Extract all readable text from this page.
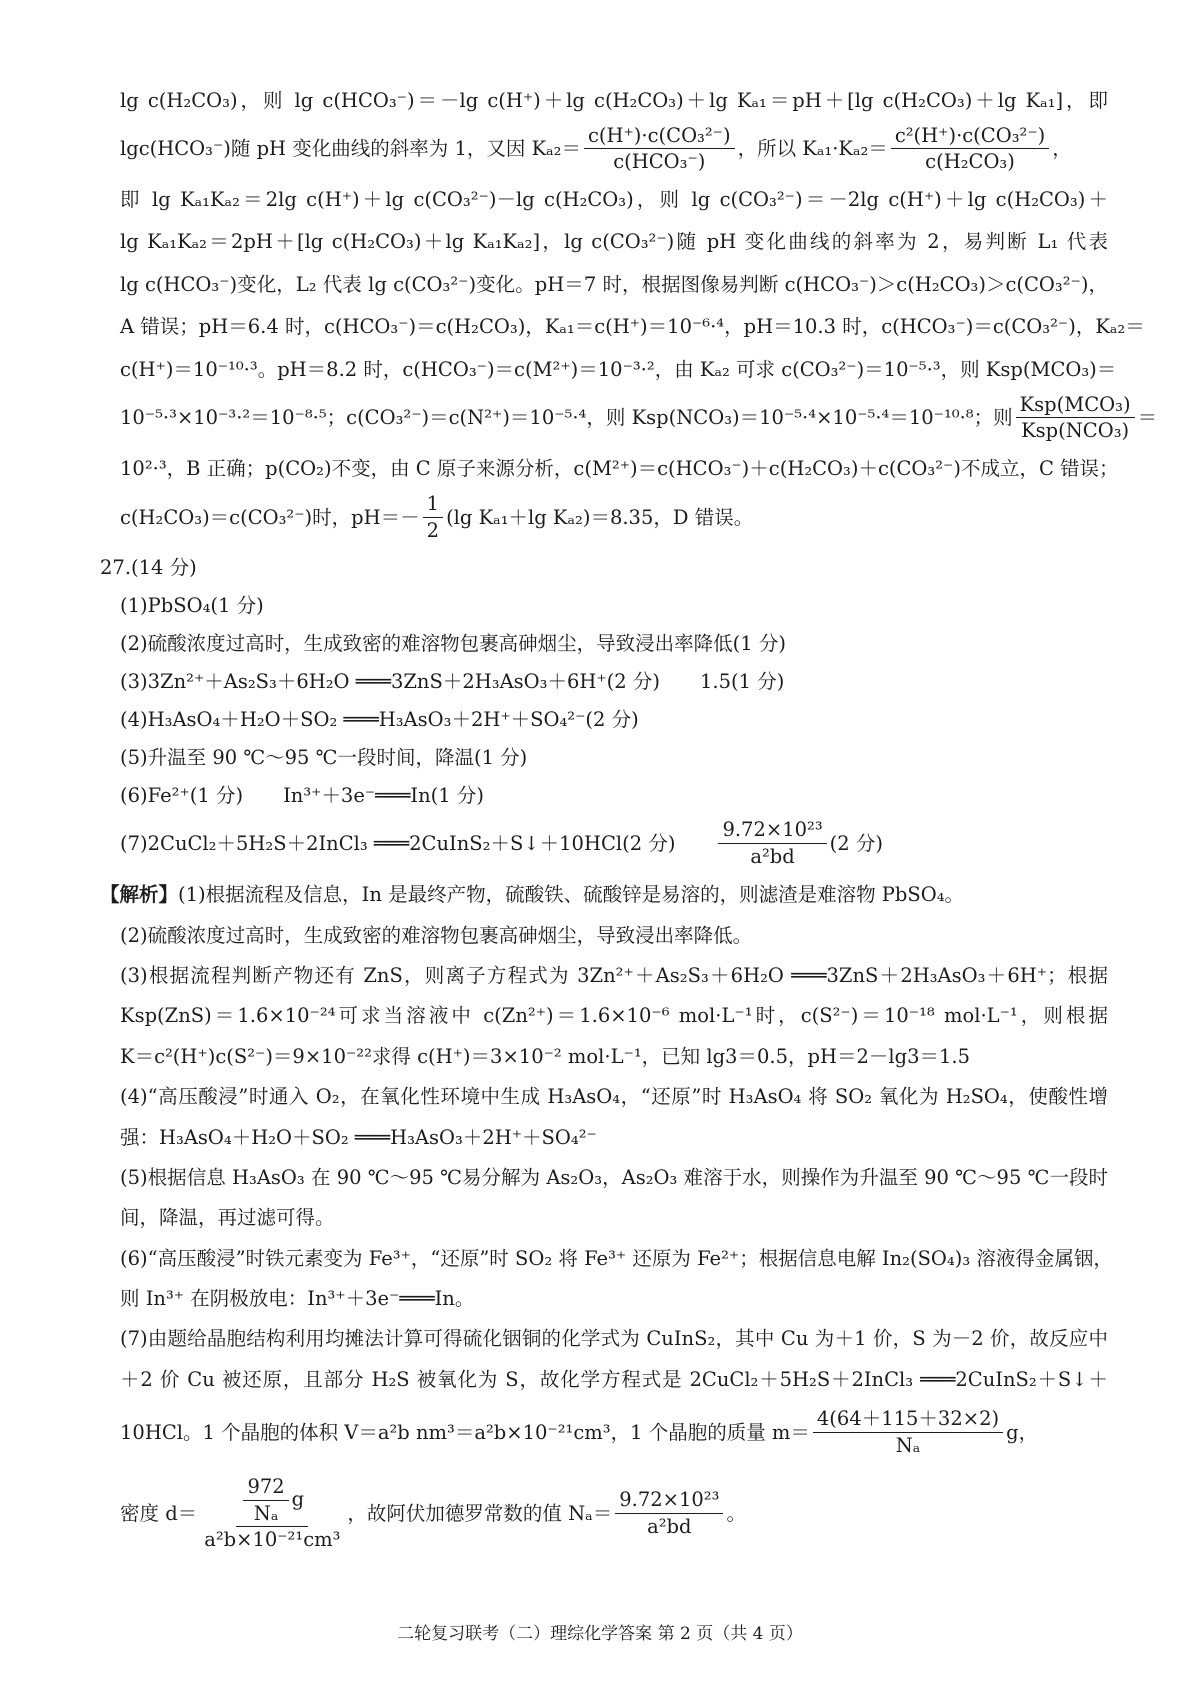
lg c(H₂CO₃)，则 lg c(HCO₃⁻)＝－lg c(H⁺)＋lg c(H₂CO₃)＋lg Kₐ₁＝pH＋[lg c(H₂CO₃)＋lg Kₐ₁]，即

lgc(HCO₃⁻)随 pH 变化曲线的斜率为 1，又因 $K_{a2}= \frac{\text{c(H⁺)·c(CO₃²⁻)}}{\text{c(HCO₃⁻)}}$ ，所以 $K_{a1}\cdot K_{a2}= \frac{\text{c²(H⁺)·c(CO₃²⁻)}}{\text{c(H₂CO₃)}}$ ，

即 lg Kₐ₁Kₐ₂＝2lg c(H⁺)＋lg c(CO₃²⁻)－lg c(H₂CO₃)，则 lg c(CO₃²⁻)＝－2lg c(H⁺)＋lg c(H₂CO₃)＋

lg Kₐ₁Kₐ₂＝2pH＋[lg c(H₂CO₃)＋lg Kₐ₁Kₐ₂]，lg c(CO₃²⁻)随 pH 变化曲线的斜率为 2，易判断 L₁ 代表

lg c(HCO₃⁻)变化，L₂ 代表 lg c(CO₃²⁻)变化。pH＝7 时，根据图像易判断 c(HCO₃⁻)＞c(H₂CO₃)＞c(CO₃²⁻)，

A 错误；pH＝6.4 时，c(HCO₃⁻)＝c(H₂CO₃)，Kₐ₁＝c(H⁺)＝10⁻⁶·⁴，pH＝10.3 时，c(HCO₃⁻)＝c(CO₃²⁻)，Kₐ₂＝

c(H⁺)＝10⁻¹⁰·³。pH＝8.2 时，c(HCO₃⁻)＝c(M²⁺)＝10⁻³·²，由 Kₐ₂ 可求 c(CO₃²⁻)＝10⁻⁵·³，则 Ksp(MCO₃)＝

10⁻⁵·³×10⁻³·²＝10⁻⁸·⁵；c(CO₃²⁻)＝c(N²⁺)＝10⁻⁵·⁴，则 Ksp(NCO₃)＝10⁻⁵·⁴×10⁻⁵·⁴＝10⁻¹⁰·⁸；则 $\frac{\text{Ksp(MCO₃)}}{\text{Ksp(NCO₃)}}$ ＝

10²·³，B 正确；p(CO₂)不变，由 C 原子来源分析，c(M²⁺)＝c(HCO₃⁻)＋c(H₂CO₃)＋c(CO₃²⁻)不成立，C 错误；

c(H₂CO₃)＝c(CO₃²⁻)时，$pH=- \frac{1}{2} (\lg$ Kₐ₁＋lg Kₐ₂)＝8.35，D 错误。

27.(14 分)

(1)PbSO₄(1 分)

(2)硫酸浓度过高时，生成致密的难溶物包裹高砷烟尘，导致浸出率降低(1 分)

(3)3Zn²⁺＋As₂S₃＋6H₂O ═══3ZnS＋2H₃AsO₃＋6H⁺(2 分) 1.5(1 分)

(4)H₃AsO₄＋H₂O＋SO₂ ═══H₃AsO₃＋2H⁺＋SO₄²⁻(2 分)

(5)升温至 90 ℃～95 ℃一段时间，降温(1 分)

(6)Fe²⁺(1 分) In³⁺＋3e⁻═══In(1 分)

(7)2CuCl₂＋5H₂S＋2InCl₃ ═══2CuInS₂＋S↓＋10HCl(2 分) $\frac{\text{9.72×10²³}}{\text{a²bd}} (2$ 分)

【解析】(1)根据流程及信息，In 是最终产物，硫酸铁、硫酸锌是易溶的，则滤渣是难溶物 PbSO₄。

(2)硫酸浓度过高时，生成致密的难溶物包裹高砷烟尘，导致浸出率降低。

(3)根据流程判断产物还有 ZnS，则离子方程式为 3Zn²⁺＋As₂S₃＋6H₂O ═══3ZnS＋2H₃AsO₃＋6H⁺；根据

Ksp(ZnS)＝1.6×10⁻²⁴可求当溶液中 c(Zn²⁺)＝1.6×10⁻⁶ mol·L⁻¹时，c(S²⁻)＝10⁻¹⁸ mol·L⁻¹，则根据

K＝c²(H⁺)c(S²⁻)＝9×10⁻²²求得 c(H⁺)＝3×10⁻² mol·L⁻¹，已知 lg3＝0.5，pH＝2－lg3＝1.5

(4)“高压酸浸”时通入 O₂，在氧化性环境中生成 H₃AsO₄，“还原”时 H₃AsO₄ 将 SO₂ 氧化为 H₂SO₄，使酸性增

强：H₃AsO₄＋H₂O＋SO₂ ═══H₃AsO₃＋2H⁺＋SO₄²⁻

(5)根据信息 H₃AsO₃ 在 90 ℃～95 ℃易分解为 As₂O₃，As₂O₃ 难溶于水，则操作为升温至 90 ℃～95 ℃一段时

间，降温，再过滤可得。

(6)“高压酸浸”时铁元素变为 Fe³⁺，“还原”时 SO₂ 将 Fe³⁺ 还原为 Fe²⁺；根据信息电解 In₂(SO₄)₃ 溶液得金属铟，

则 In³⁺ 在阴极放电：In³⁺＋3e⁻═══In。

(7)由题给晶胞结构利用均摊法计算可得硫化铟铜的化学式为 CuInS₂，其中 Cu 为＋1 价，S 为－2 价，故反应中

＋2 价 Cu 被还原，且部分 H₂S 被氧化为 S，故化学方程式是 2CuCl₂＋5H₂S＋2InCl₃ ═══2CuInS₂＋S↓＋

10HCl。1 个晶胞的体积 V＝a²b nm³＝a²b×10⁻²¹cm³，1 个晶胞的质量 $m= \frac{4(64+115+32\times 2)}{\text{Nₐ}}$ g，

密度 $d= \frac{\frac{972}{\text{Nₐ}} g}{\text{a²b×10⁻²¹cm³}}$ ，故阿伏加德罗常数的值 $N_a= \frac{\text{9.72×10²³}}{\text{a²bd}}$ 。

二轮复习联考（二）理综化学答案 第 2 页（共 4 页）
